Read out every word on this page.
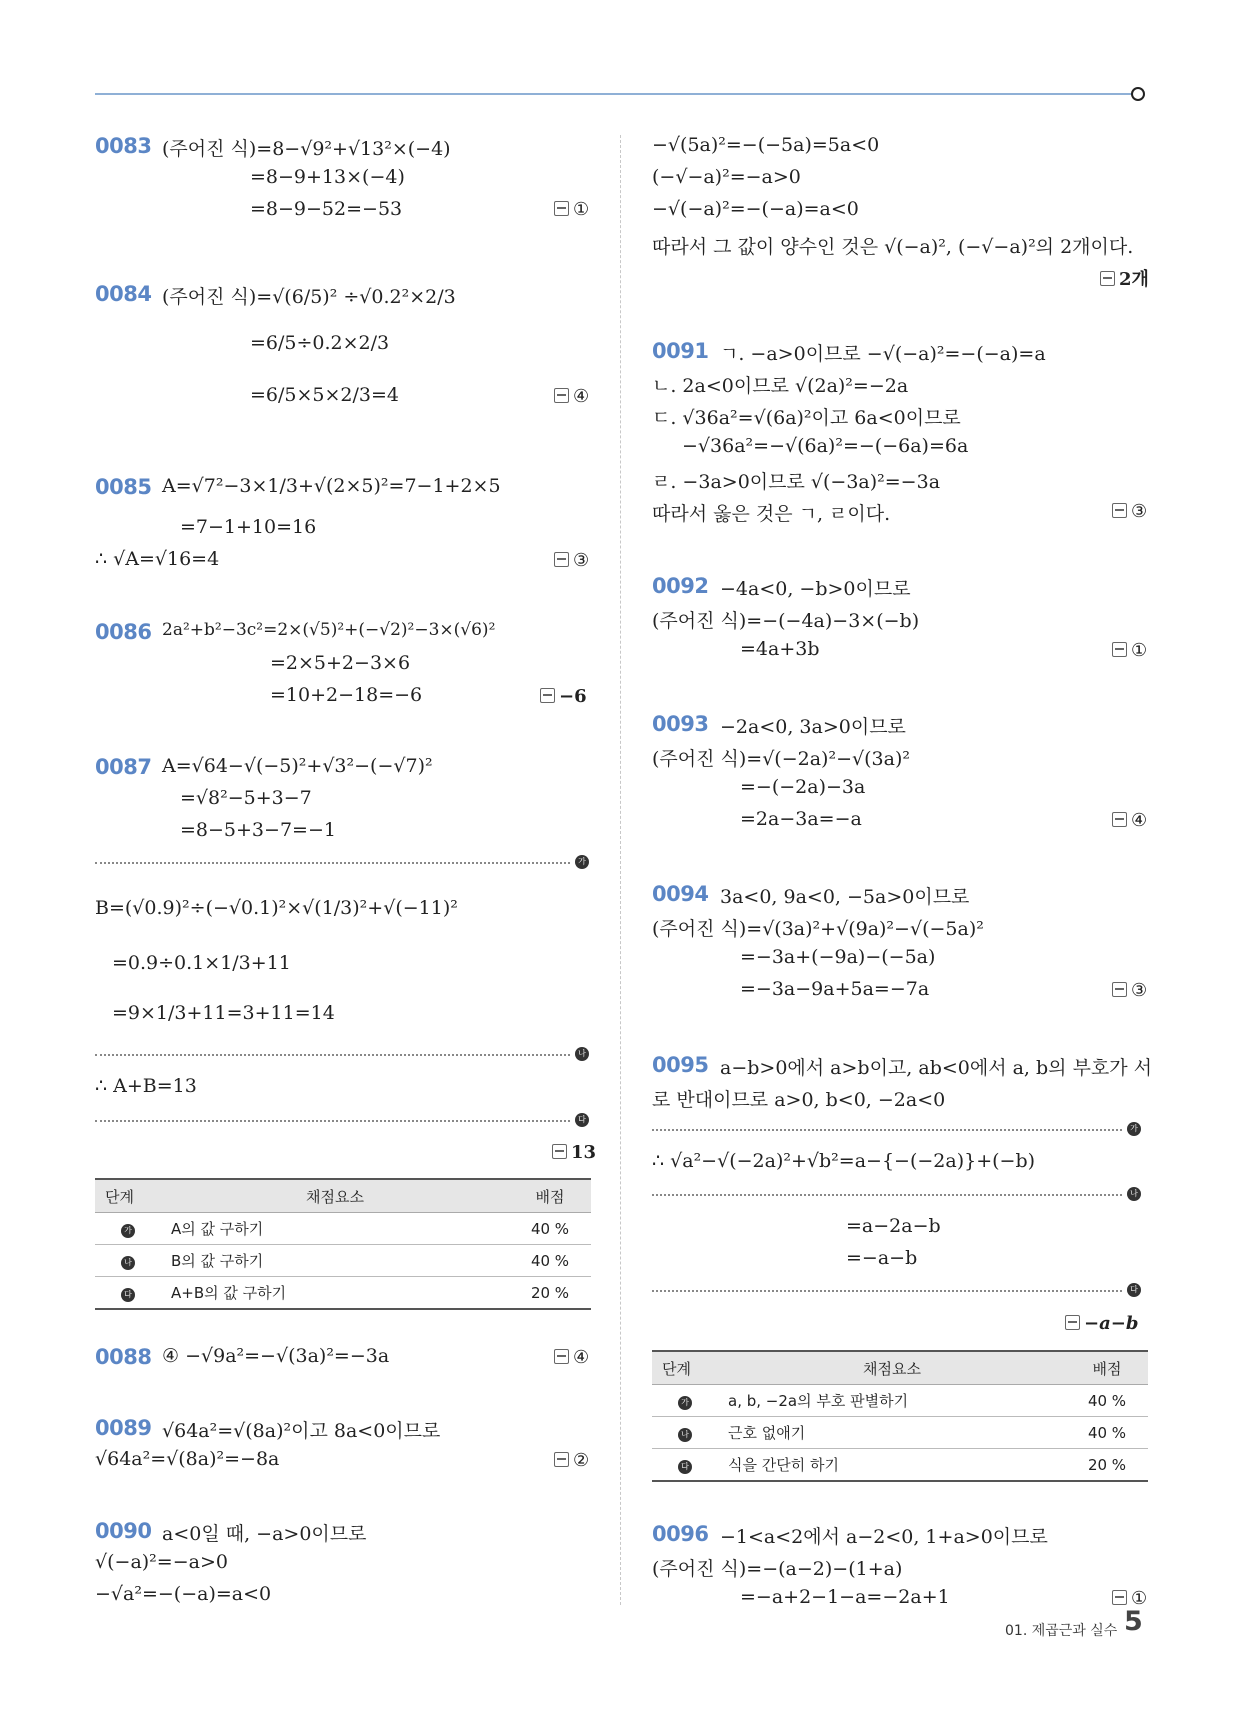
0083 (주어진 식)=8−√9²+√13²×(−4)
=8−9+13×(−4)
=8−9−52=−53	①
0084 (주어진 식)=√(6/5)² ÷√0.2²×2/3
=6/5÷0.2×2/3
=6/5×5×2/3=4	④
0085 A=√7²−3×1/3+√(2×5)²=7−1+2×5
=7−1+10=16
∴ √A=√16=4	③
0086 2a²+b²−3c²=2×(√5)²+(−√2)²−3×(√6)²
=2×5+2−3×6
=10+2−18=−6	−6
0087 A=√64−√(−5)²+√3²−(−√7)²
=√8²−5+3−7
=8−5+3−7=−1
가
B=(√0.9)²÷(−√0.1)²×√(1/3)²+√(−11)²
=0.9÷0.1×1/3+11
=9×1/3+11=3+11=14
나
∴ A+B=13
다
13
단계	채점요소	배점
가	A의 값 구하기	40 %
나	B의 값 구하기	40 %
다	A+B의 값 구하기	20 %
0088 ④ −√9a²=−√(3a)²=−3a	④
0089 √64a²=√(8a)²이고 8a<0이므로
√64a²=√(8a)²=−8a	②
0090 a<0일 때, −a>0이므로
√(−a)²=−a>0
−√a²=−(−a)=a<0
−√(5a)²=−(−5a)=5a<0
(−√−a)²=−a>0
−√(−a)²=−(−a)=a<0
따라서 그 값이 양수인 것은 √(−a)², (−√−a)²의 2개이다.
2개
0091 ㄱ. −a>0이므로 −√(−a)²=−(−a)=a
ㄴ. 2a<0이므로 √(2a)²=−2a
ㄷ. √36a²=√(6a)²이고 6a<0이므로
−√36a²=−√(6a)²=−(−6a)=6a
ㄹ. −3a>0이므로 √(−3a)²=−3a
따라서 옳은 것은 ㄱ, ㄹ이다.	③
0092 −4a<0, −b>0이므로
(주어진 식)=−(−4a)−3×(−b)
=4a+3b	①
0093 −2a<0, 3a>0이므로
(주어진 식)=√(−2a)²−√(3a)²
=−(−2a)−3a
=2a−3a=−a	④
0094 3a<0, 9a<0, −5a>0이므로
(주어진 식)=√(3a)²+√(9a)²−√(−5a)²
=−3a+(−9a)−(−5a)
=−3a−9a+5a=−7a	③
0095 a−b>0에서 a>b이고, ab<0에서 a, b의 부호가 서
로 반대이므로 a>0, b<0, −2a<0
가
∴ √a²−√(−2a)²+√b²=a−{−(−2a)}+(−b)
나
=a−2a−b
=−a−b
다
−a−b
단계	채점요소	배점
가	a, b, −2a의 부호 판별하기	40 %
나	근호 없애기	40 %
다	식을 간단히 하기	20 %
0096 −1<a<2에서 a−2<0, 1+a>0이므로
(주어진 식)=−(a−2)−(1+a)
=−a+2−1−a=−2a+1	①
01. 제곱근과 실수 5
